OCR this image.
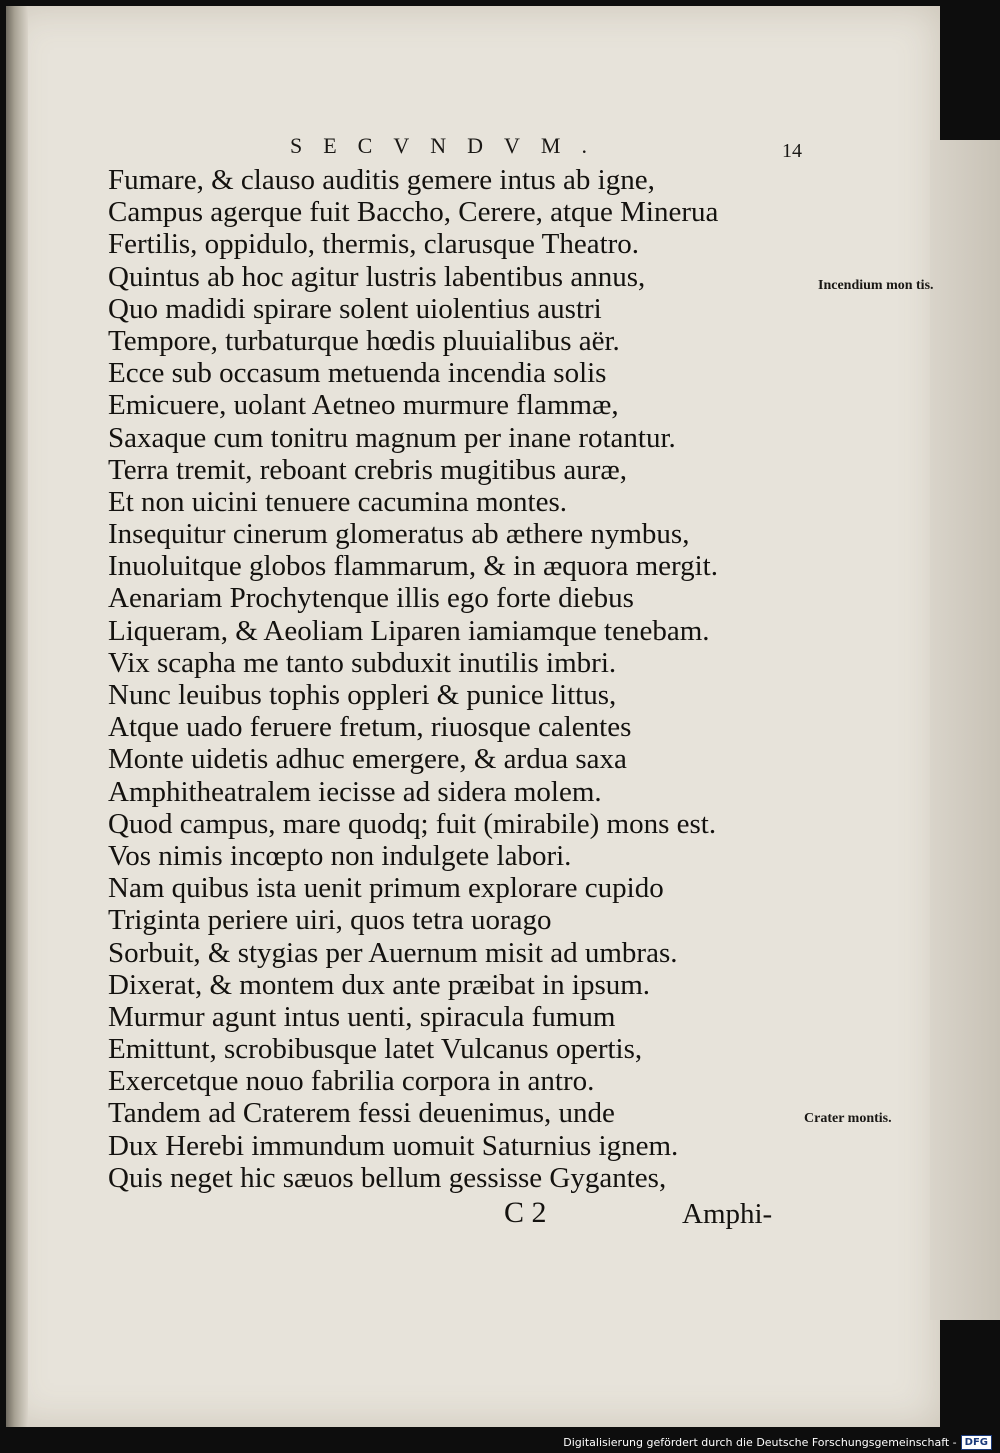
SECVNDVM.	14
Fumare, & clauso auditis gemere intus ab igne,
Campus agerque fuit Baccho, Cerere, atque Minerua
Fertilis, oppidulo, thermis, clarusque Theatro.
Quintus ab hoc agitur lustris labentibus annus,
Quo madidi spirare solent uiolentius austri
Tempore, turbaturque hœdis pluuialibus aër.
Ecce sub occasum metuenda incendia solis
Emicuere, uolant Aetneo murmure flammæ,
Saxaque cum tonitru magnum per inane rotantur.
Terra tremit, reboant crebris mugitibus auræ,
Et non uicini tenuere cacumina montes.
Insequitur cinerum glomeratus ab æthere nymbus,
Inuoluitque globos flammarum, & in æquora mergit.
Aenariam Prochytenque illis ego forte diebus
Liqueram, & Aeoliam Liparen iamiamque tenebam.
Vix scapha me tanto subduxit inutilis imbri.
Nunc leuibus tophis oppleri & punice littus,
Atque uado feruere fretum, riuosque calentes
Monte uidetis adhuc emergere, & ardua saxa
Amphitheatralem iecisse ad sidera molem.
Quod campus, mare quodq; fuit (mirabile) mons est.
Vos nimis incœpto non indulgete labori.
Nam quibus ista uenit primum explorare cupido
Triginta periere uiri, quos tetra uorago
Sorbuit, & stygias per Auernum misit ad umbras.
Dixerat, & montem dux ante præibat in ipsum.
Murmur agunt intus uenti, spiracula fumum
Emittunt, scrobibusque latet Vulcanus opertis,
Exercetque nouo fabrilia corpora in antro.
Tandem ad Craterem fessi deuenimus, unde
Dux Herebi immundum uomuit Saturnius ignem.
Quis neget hic sæuos bellum gessisse Gygantes,
Incendium mon tis.
Crater montis.
C 2	Amphi-
Digitalisierung gefördert durch die Deutsche Forschungsgemeinschaft - DFG
